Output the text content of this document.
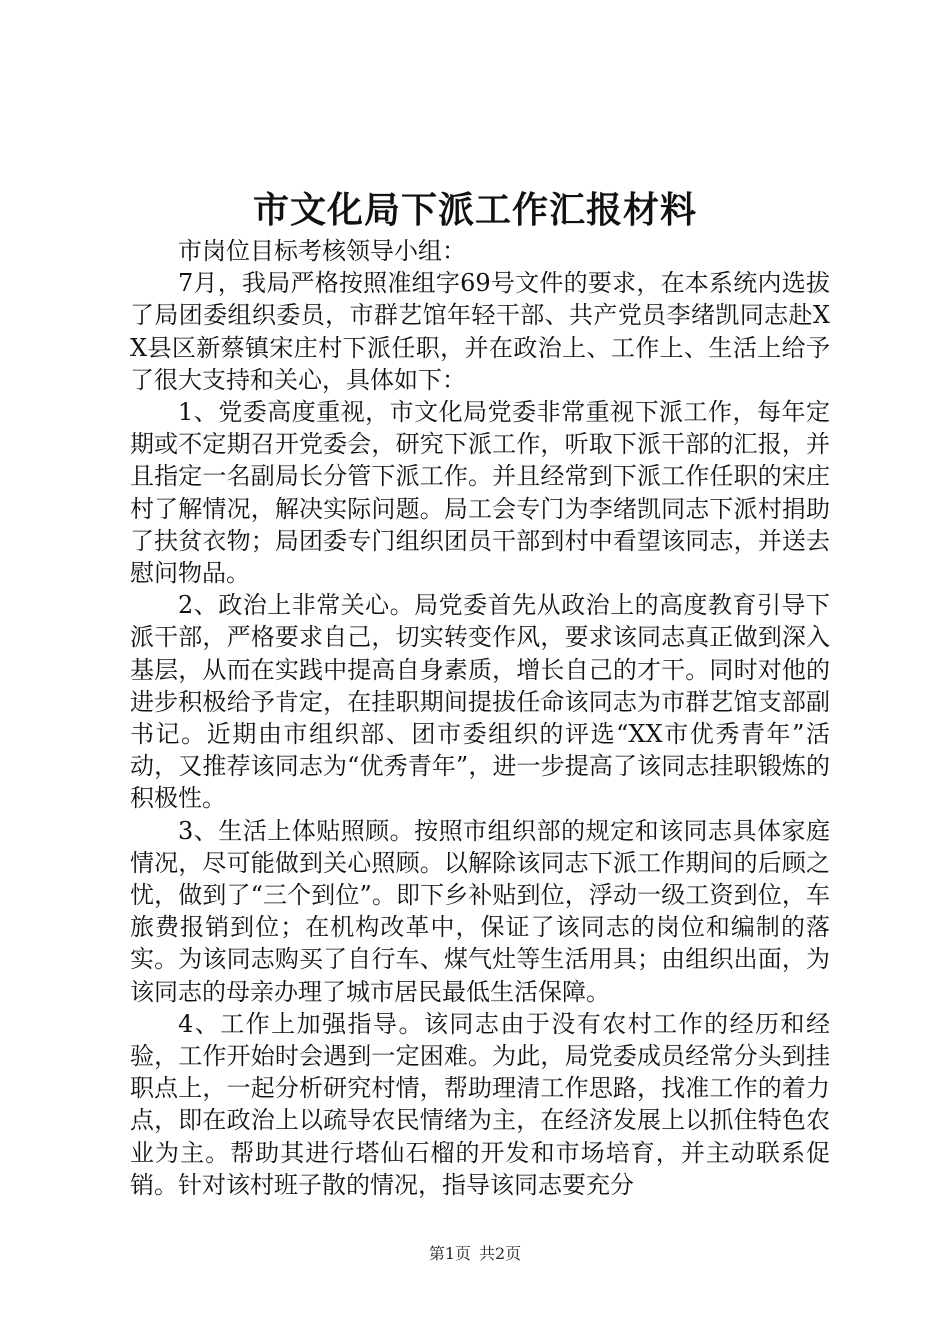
市文化局下派工作汇报材料

市岗位目标考核领导小组：

7月，我局严格按照准组字69号文件的要求，在本系统内选拔了局团委组织委员，市群艺馆年轻干部、共产党员李绪凯同志赴XX县区新蔡镇宋庄村下派任职，并在政治上、工作上、生活上给予了很大支持和关心，具体如下：

1、党委高度重视，市文化局党委非常重视下派工作，每年定期或不定期召开党委会，研究下派工作，听取下派干部的汇报，并且指定一名副局长分管下派工作。并且经常到下派工作任职的宋庄村了解情况，解决实际问题。局工会专门为李绪凯同志下派村捐助了扶贫衣物；局团委专门组织团员干部到村中看望该同志，并送去慰问物品。

2、政治上非常关心。局党委首先从政治上的高度教育引导下派干部，严格要求自己，切实转变作风，要求该同志真正做到深入基层，从而在实践中提高自身素质，增长自己的才干。同时对他的进步积极给予肯定，在挂职期间提拔任命该同志为市群艺馆支部副书记。近期由市组织部、团市委组织的评选“XX市优秀青年”活动，又推荐该同志为“优秀青年”，进一步提高了该同志挂职锻炼的积极性。

3、生活上体贴照顾。按照市组织部的规定和该同志具体家庭情况，尽可能做到关心照顾。以解除该同志下派工作期间的后顾之忧，做到了“三个到位”。即下乡补贴到位，浮动一级工资到位，车旅费报销到位；在机构改革中，保证了该同志的岗位和编制的落实。为该同志购买了自行车、煤气灶等生活用具；由组织出面，为该同志的母亲办理了城市居民最低生活保障。

4、工作上加强指导。该同志由于没有农村工作的经历和经验，工作开始时会遇到一定困难。为此，局党委成员经常分头到挂职点上，一起分析研究村情，帮助理清工作思路，找准工作的着力点，即在政治上以疏导农民情绪为主，在经济发展上以抓住特色农业为主。帮助其进行塔仙石榴的开发和市场培育，并主动联系促销。针对该村班子散的情况，指导该同志要充分

第1页 共2页
